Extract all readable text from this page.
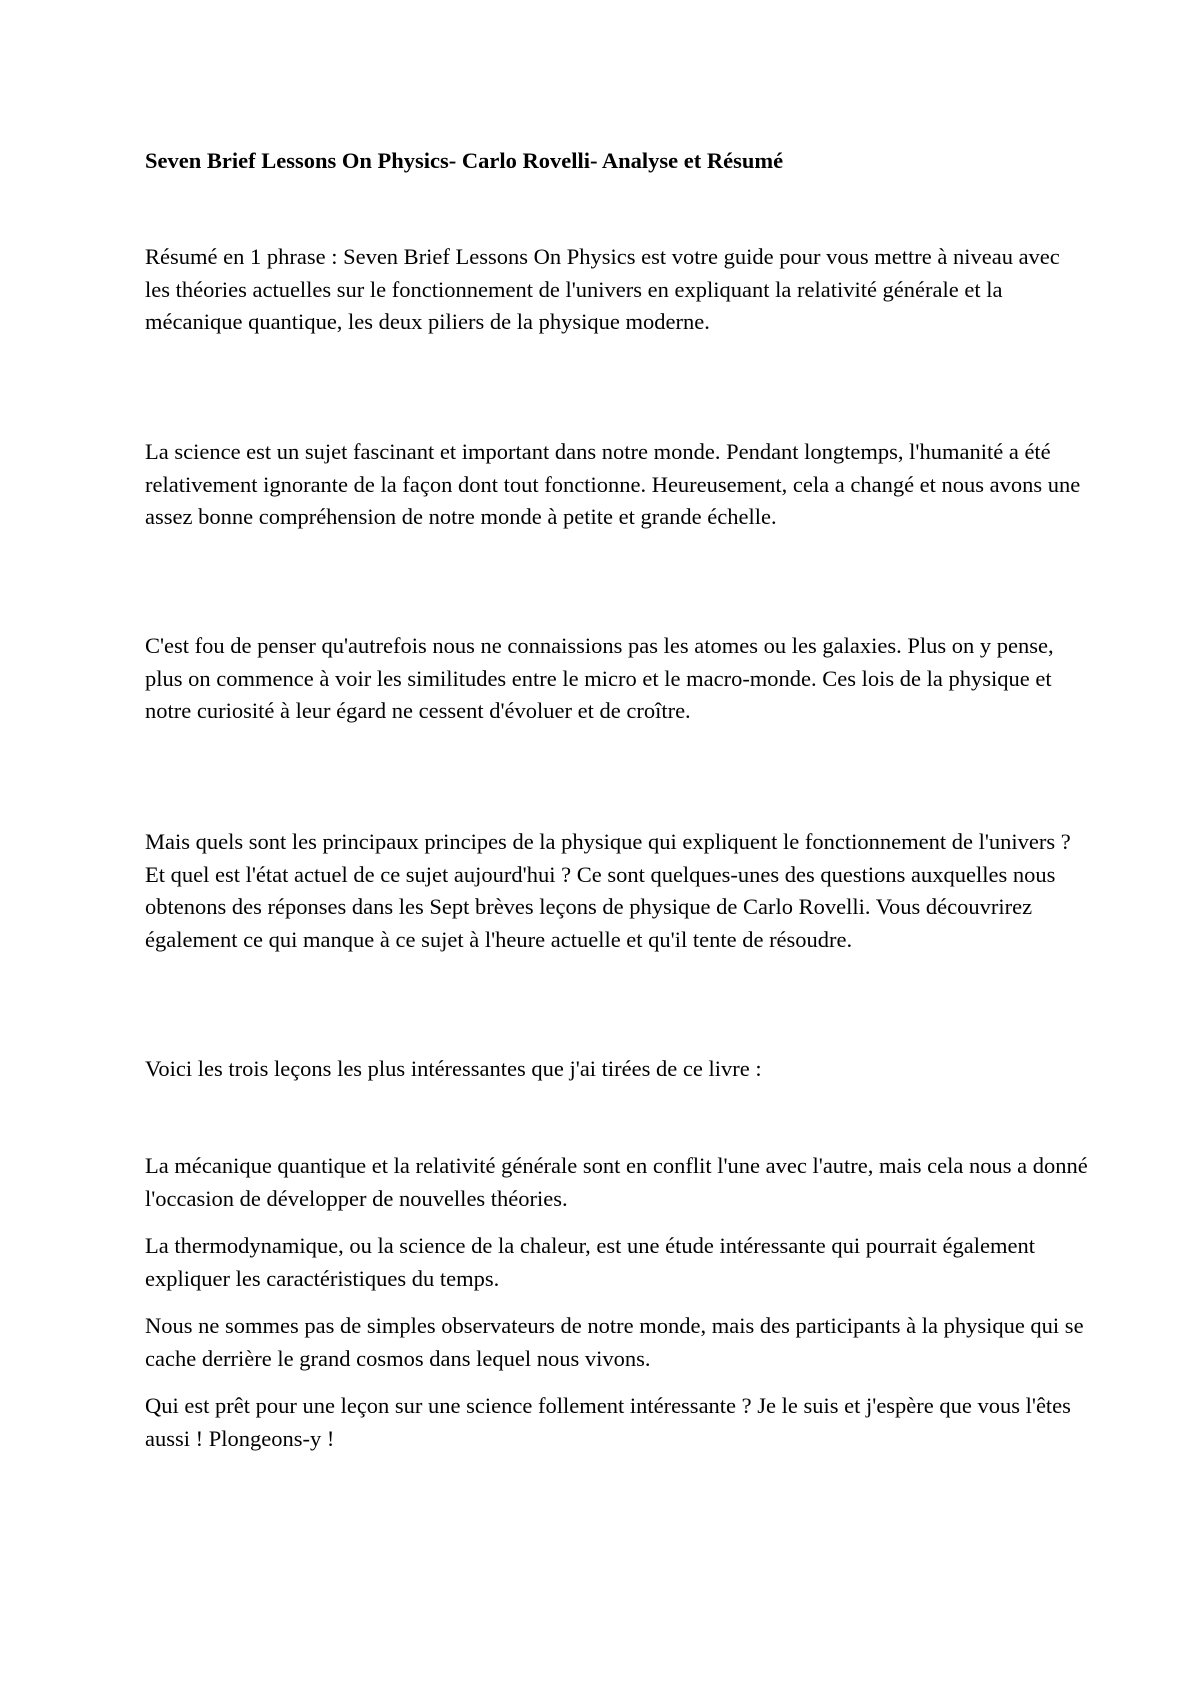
Seven Brief Lessons On Physics- Carlo Rovelli- Analyse et Résumé

Résumé en 1 phrase : Seven Brief Lessons On Physics est votre guide pour vous mettre à niveau avec les théories actuelles sur le fonctionnement de l'univers en expliquant la relativité générale et la mécanique quantique, les deux piliers de la physique moderne.

La science est un sujet fascinant et important dans notre monde. Pendant longtemps, l'humanité a été relativement ignorante de la façon dont tout fonctionne. Heureusement, cela a changé et nous avons une assez bonne compréhension de notre monde à petite et grande échelle.

C'est fou de penser qu'autrefois nous ne connaissions pas les atomes ou les galaxies. Plus on y pense, plus on commence à voir les similitudes entre le micro et le macro-monde. Ces lois de la physique et notre curiosité à leur égard ne cessent d'évoluer et de croître.

Mais quels sont les principaux principes de la physique qui expliquent le fonctionnement de l'univers ? Et quel est l'état actuel de ce sujet aujourd'hui ? Ce sont quelques-unes des questions auxquelles nous obtenons des réponses dans les Sept brèves leçons de physique de Carlo Rovelli. Vous découvrirez également ce qui manque à ce sujet à l'heure actuelle et qu'il tente de résoudre.

Voici les trois leçons les plus intéressantes que j'ai tirées de ce livre :

La mécanique quantique et la relativité générale sont en conflit l'une avec l'autre, mais cela nous a donné l'occasion de développer de nouvelles théories.

La thermodynamique, ou la science de la chaleur, est une étude intéressante qui pourrait également expliquer les caractéristiques du temps.

Nous ne sommes pas de simples observateurs de notre monde, mais des participants à la physique qui se cache derrière le grand cosmos dans lequel nous vivons.

Qui est prêt pour une leçon sur une science follement intéressante ? Je le suis et j'espère que vous l'êtes aussi ! Plongeons-y !
